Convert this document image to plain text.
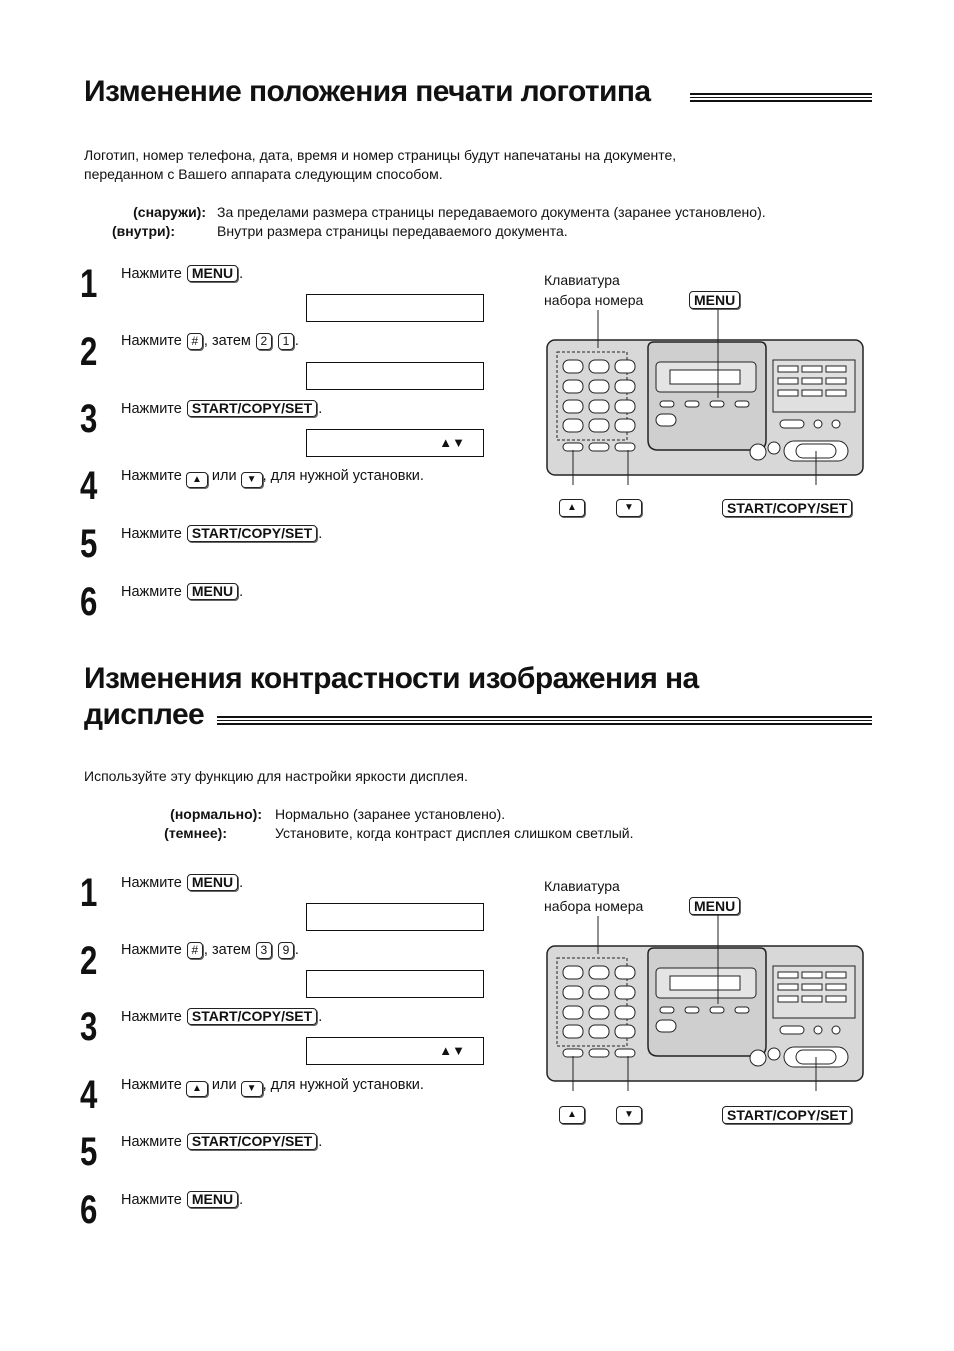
Изменение положения печати логотипа
Логотип, номер телефона, дата, время и номер страницы будут напечатаны на документе,
переданном с Вашего аппарата следующим способом.
(снаружи): За пределами размера страницы передаваемого документа (заранее установлено).
(внутри):	Внутри размера страницы передаваемого документа.
1 Нажмите MENU .
2 Нажмите # , затем 2 1 .
3 Нажмите START/COPY/SET .
▲▼
4 Нажмите ▲ или ▼ , для нужной установки.
5 Нажмите START/COPY/SET .
6 Нажмите MENU .
Клавиатура
набора номера	MENU
▲	▼	START/COPY/SET
Изменения контрастности изображения на
дисплее
Используйте эту функцию для настройки яркости дисплея.
(нормально): Нормально (заранее установлено).
(темнее):	Установите, когда контраст дисплея слишком светлый.
1 Нажмите MENU .
2 Нажмите # , затем 3 9 .
3 Нажмите START/COPY/SET .
▲▼
4 Нажмите ▲ или ▼ , для нужной установки.
5 Нажмите START/COPY/SET .
6 Нажмите MENU .
Клавиатура
набора номера	MENU
▲	▼	START/COPY/SET
